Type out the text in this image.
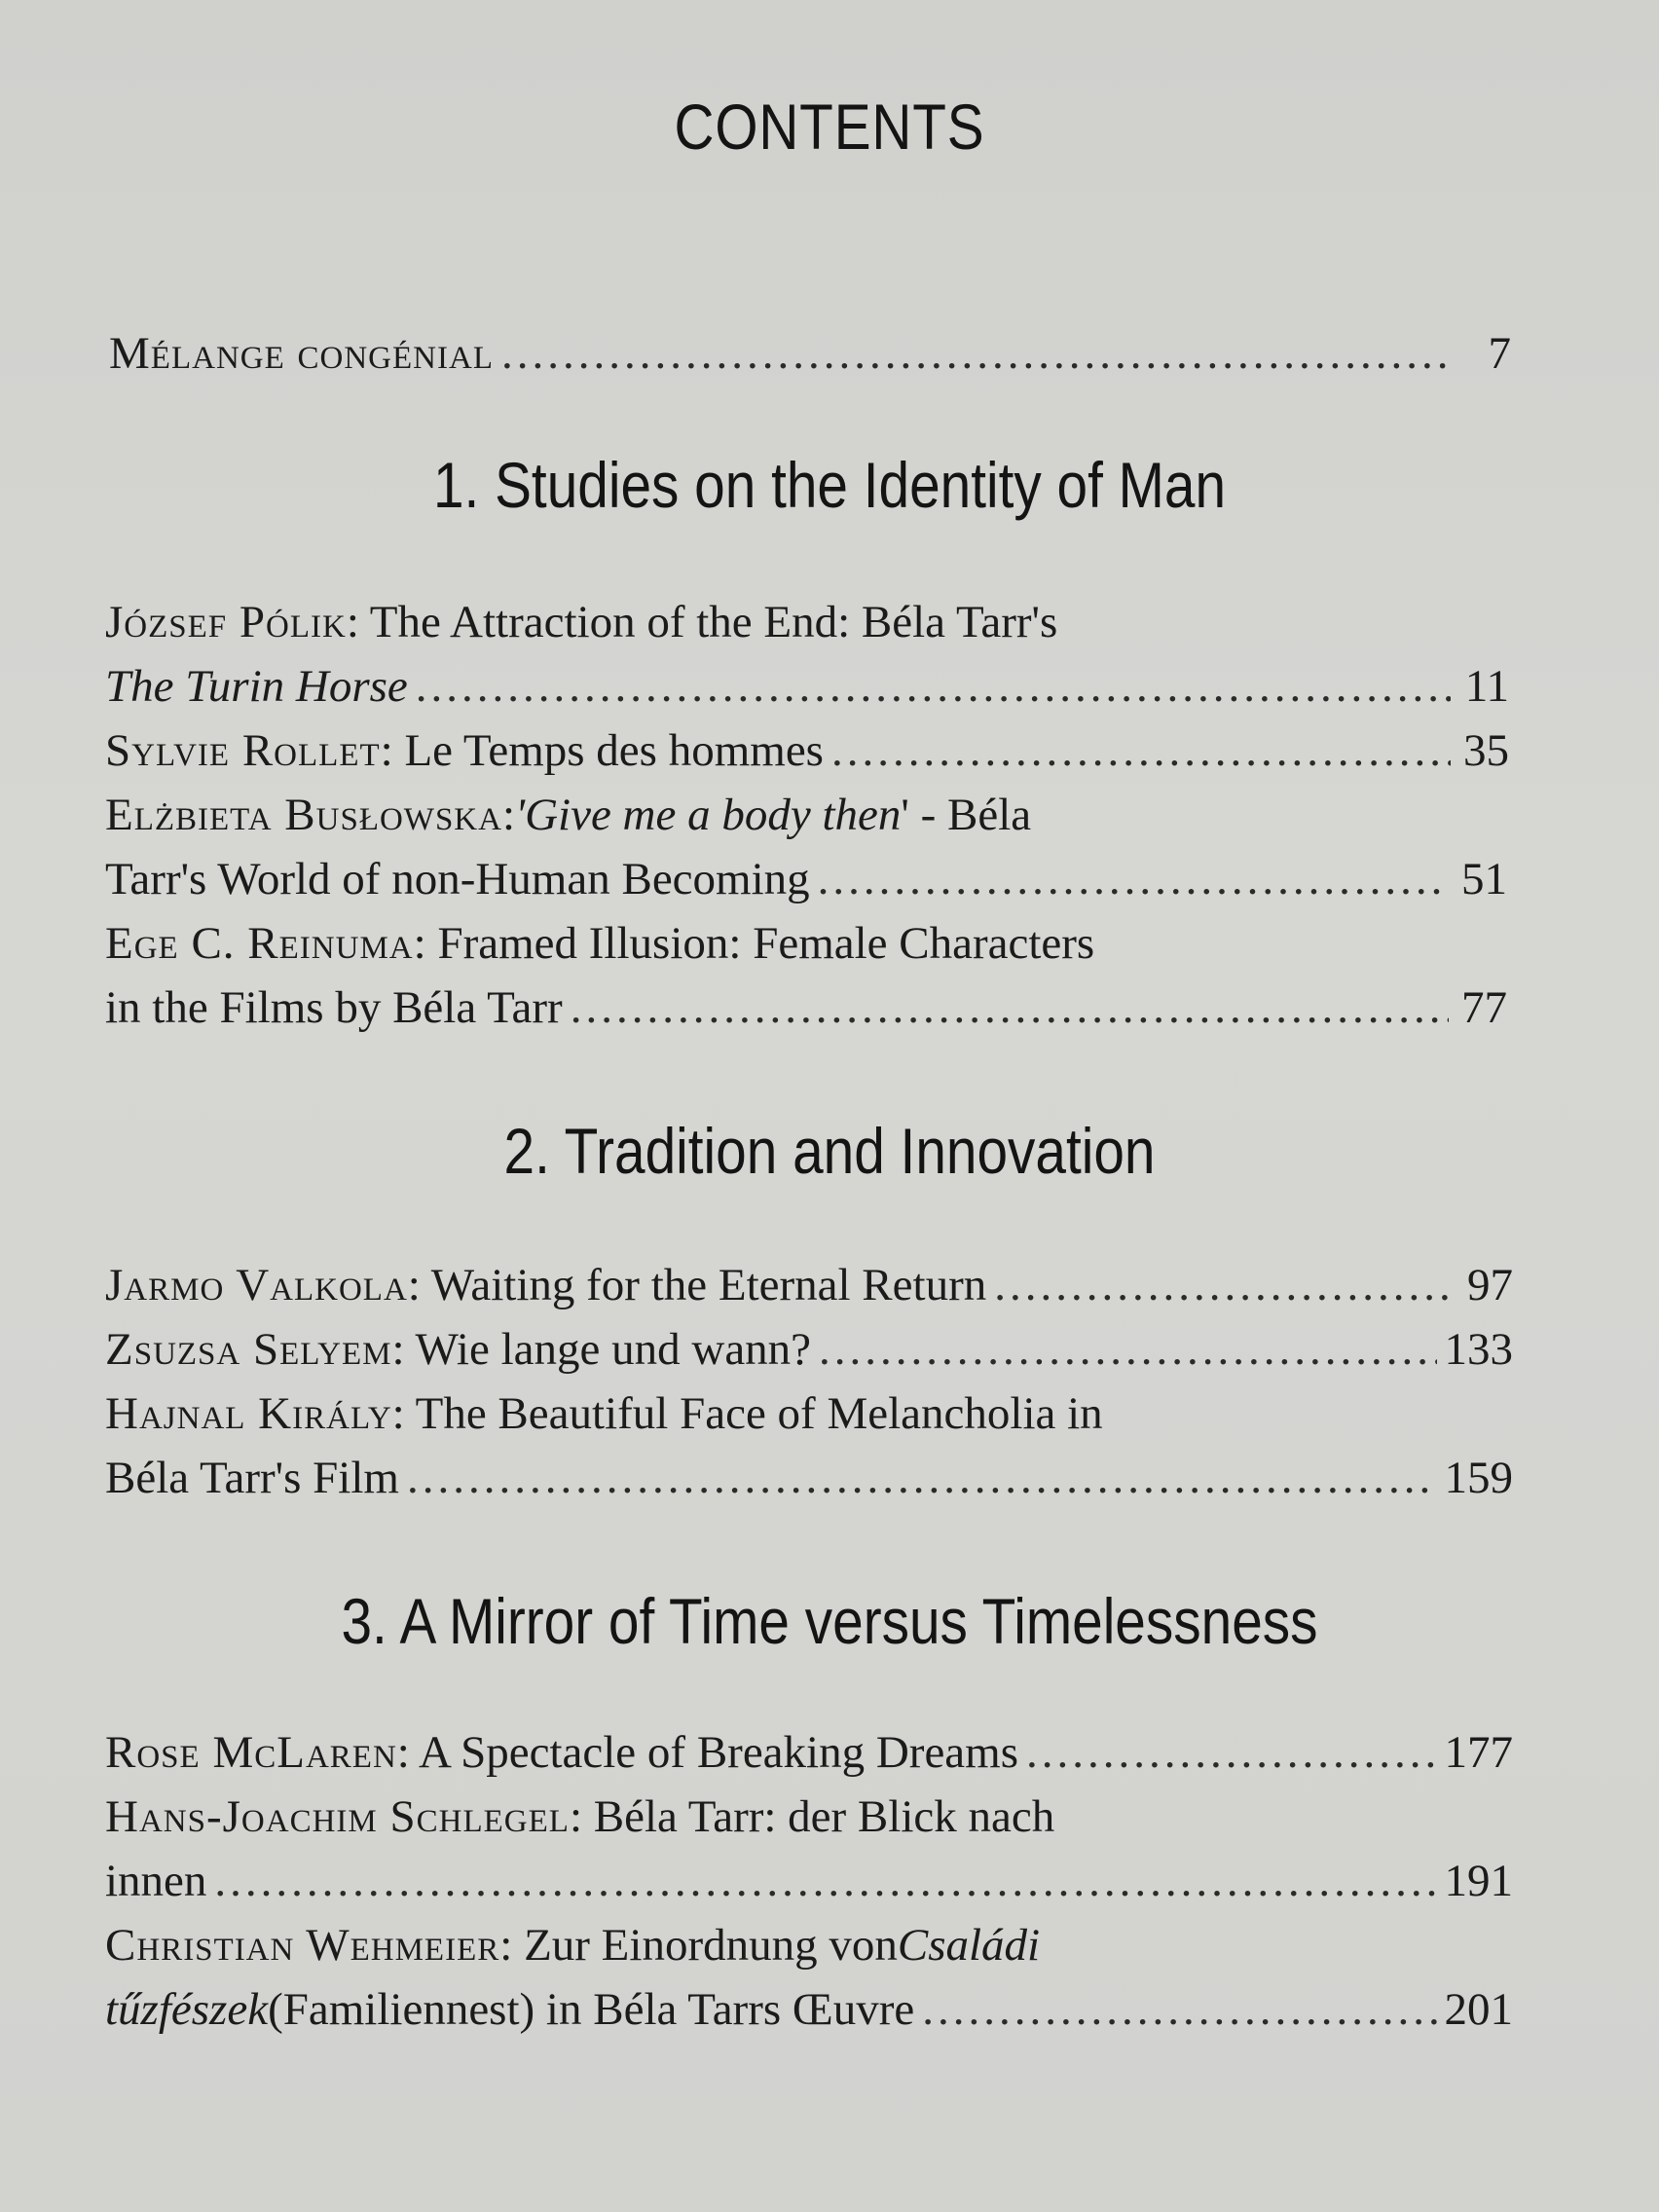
CONTENTS
Mélange congénial .....	7
1. Studies on the Identity of Man
József Pólik : The Attraction of the End: Béla Tarr's
The Turin Horse .....	11
Sylvie Rollet : Le Temps des hommes .....	35
Elżbieta Busłowska : 'Give me a body then ' - Béla
Tarr's World of non-Human Becoming .....	51
Ege C. Reinuma : Framed Illusion: Female Characters
in the Films by Béla Tarr .....	77
2. Tradition and Innovation
Jarmo Valkola : Waiting for the Eternal Return .....	97
Zsuzsa Selyem : Wie lange und wann? .....	133
Hajnal Király : The Beautiful Face of Melancholia in
Béla Tarr's Film .....	159
3. A Mirror of Time versus Timelessness
Rose McLaren : A Spectacle of Breaking Dreams .....	177
Hans-Joachim Schlegel : Béla Tarr: der Blick nach
innen .....	191
Christian Wehmeier : Zur Einordnung von Családi
tűzfészek (Familiennest) in Béla Tarrs Œuvre .....	201
